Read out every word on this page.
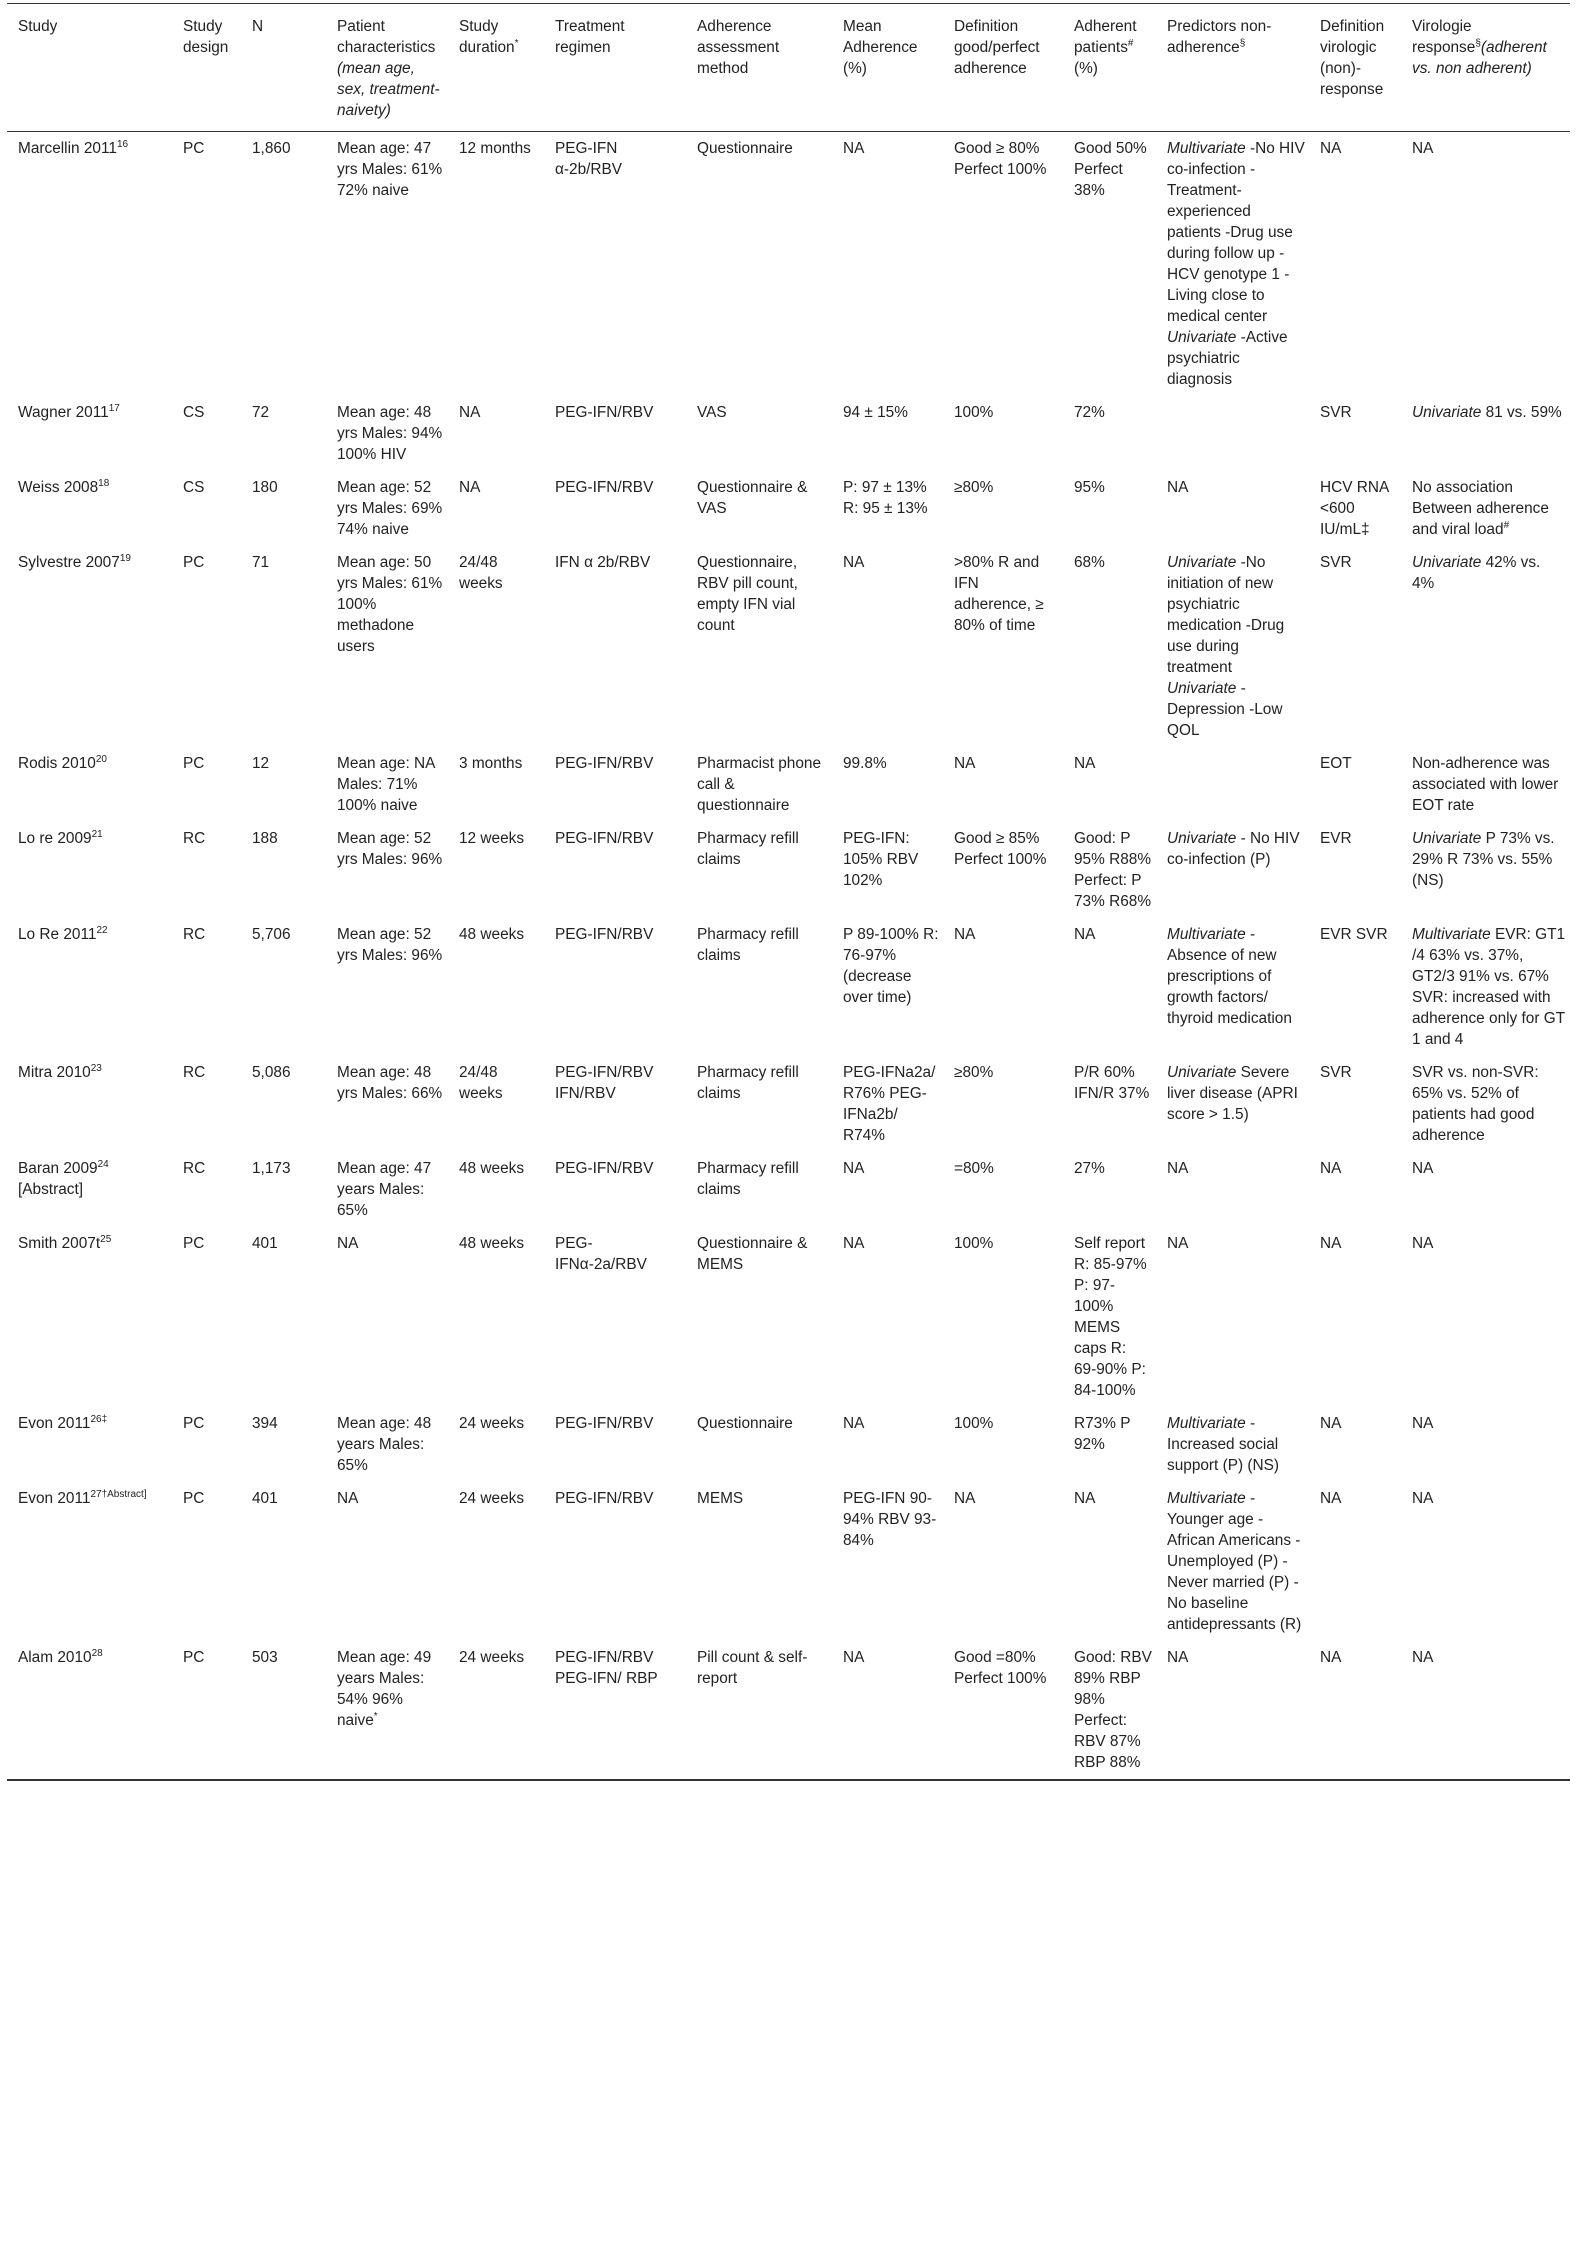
Study	Study design	N	Patient characteristics (mean age, sex, treatment-naivety)	Study duration*	Treatment regimen	Adherence assessment method	Mean Adherence (%)	Definition good/perfect adherence	Adherent patients# (%)	Predictors non-adherence§	Definition virologic (non)-response	Virologie response§(adherent vs. non adherent)
Marcellin 2011$^{16}$	PC	1,860	Mean age: 47 yrs Males: 61% 72% naive	12 months	PEG-IFN α-2b/RBV	Questionnaire	NA	Good ≥ 80% Perfect 100%	Good 50% Perfect 38%	Multivariate -No HIV co-infection -Treatment-experienced patients -Drug use during follow up -HCV genotype 1 -Living close to medical center Univariate -Active psychiatric diagnosis	NA	NA
Wagner 2011$^{17}$	CS	72	Mean age: 48 yrs Males: 94% 100% HIV	NA	PEG-IFN/RBV	VAS	94 ± 15%	100%	72%		SVR	Univariate 81 vs. 59%
Weiss 2008$^{18}$	CS	180	Mean age: 52 yrs Males: 69% 74% naive	NA	PEG-IFN/RBV	Questionnaire & VAS	P: 97 ± 13% R: 95 ± 13%	≥80%	95%	NA	HCV RNA <600 IU/mL‡	No association Between adherence and viral load#
Sylvestre 2007$^{19}$	PC	71	Mean age: 50 yrs Males: 61% 100% methadone users	24/48 weeks	IFN α 2b/RBV	Questionnaire, RBV pill count, empty IFN vial count	NA	>80% R and IFN adherence, ≥ 80% of time	68%	Univariate -No initiation of new psychiatric medication -Drug use during treatment Univariate -Depression -Low QOL	SVR	Univariate 42% vs. 4%
Rodis 2010$^{20}$	PC	12	Mean age: NA Males: 71% 100% naive	3 months	PEG-IFN/RBV	Pharmacist phone call & questionnaire	99.8%	NA	NA		EOT	Non-adherence was associated with lower EOT rate
Lo re 2009$^{21}$	RC	188	Mean age: 52 yrs Males: 96%	12 weeks	PEG-IFN/RBV	Pharmacy refill claims	PEG-IFN: 105% RBV 102%	Good ≥ 85% Perfect 100%	Good: P 95% R88% Perfect: P 73% R68%	Univariate - No HIV co-infection (P)	EVR	Univariate P 73% vs. 29% R 73% vs. 55% (NS)
Lo Re 2011$^{22}$	RC	5,706	Mean age: 52 yrs Males: 96%	48 weeks	PEG-IFN/RBV	Pharmacy refill claims	P 89-100% R: 76-97% (decrease over time)	NA	NA	Multivariate -Absence of new prescriptions of growth factors/ thyroid medication	EVR SVR	Multivariate EVR: GT1 /4 63% vs. 37%, GT2/3 91% vs. 67% SVR: increased with adherence only for GT 1 and 4
Mitra 2010$^{23}$	RC	5,086	Mean age: 48 yrs Males: 66%	24/48 weeks	PEG-IFN/RBV IFN/RBV	Pharmacy refill claims	PEG-IFNa2a/ R76% PEG-IFNa2b/ R74%	≥80%	P/R 60% IFN/R 37%	Univariate Severe liver disease (APRI score > 1.5)	SVR	SVR vs. non-SVR: 65% vs. 52% of patients had good adherence
Baran 2009$^{24}$ [Abstract]	RC	1,173	Mean age: 47 years Males: 65%	48 weeks	PEG-IFN/RBV	Pharmacy refill claims	NA	=80%	27%	NA	NA	NA
Smith $2007t^{25}$	PC	401	NA	48 weeks	PEG-IFNα-2a/RBV	Questionnaire & MEMS	NA	100%	Self report R: 85-97% P: 97-100% MEMS caps R: 69-90% P: 84-100%	NA	NA	NA
Evon $2011^{26\ddagger}$	PC	394	Mean age: 48 years Males: 65%	24 weeks	PEG-IFN/RBV	Questionnaire	NA	100%	R73% P 92%	Multivariate -Increased social support (P) (NS)	NA	NA
Evon $2011^{27\dagger Abstract]}$	PC	401	NA	24 weeks	PEG-IFN/RBV	MEMS	PEG-IFN 90-94% RBV 93-84%	NA	NA	Multivariate -Younger age -African Americans -Unemployed (P) - Never married (P) - No baseline antidepressants (R)	NA	NA
Alam 2010$^{28}$	PC	503	Mean age: 49 years Males: 54% 96% naive*	24 weeks	PEG-IFN/RBV PEG-IFN/ RBP	Pill count & self-report	NA	Good =80% Perfect 100%	Good: RBV 89% RBP 98% Perfect: RBV 87% RBP 88%	NA	NA	NA
